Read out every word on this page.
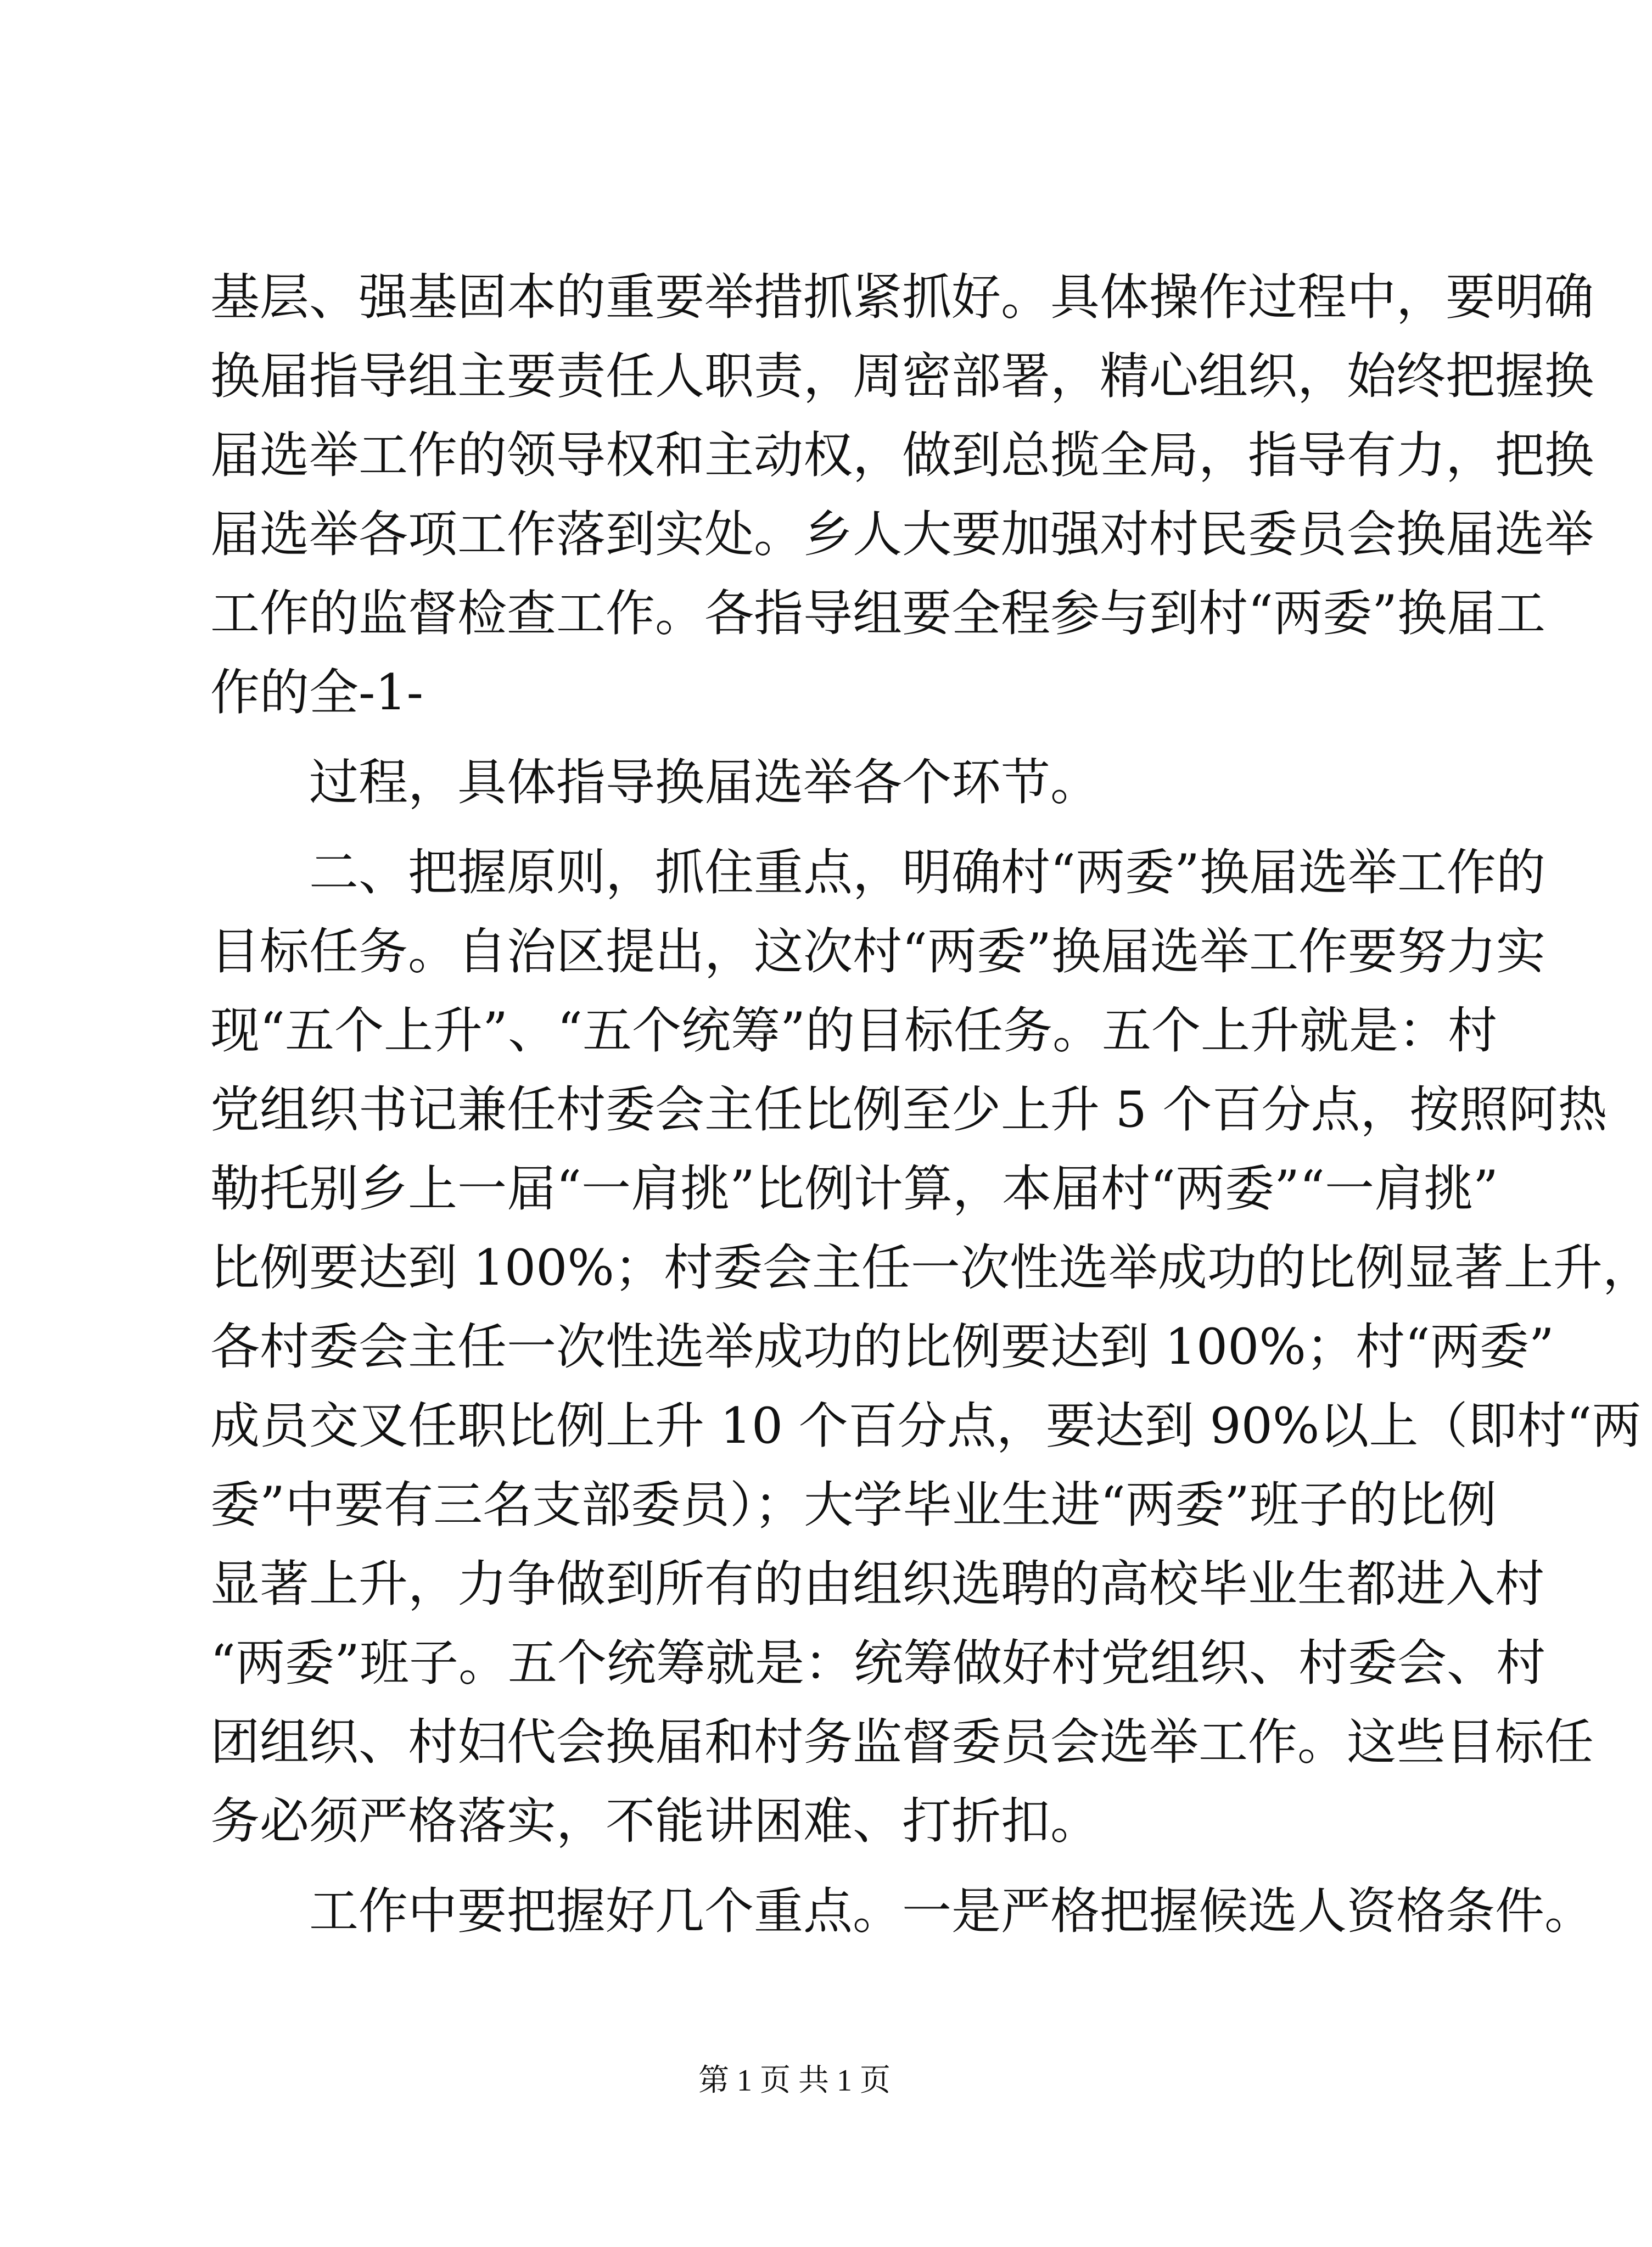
基层、强基固本的重要举措抓紧抓好。具体操作过程中，要明确
换届指导组主要责任人职责，周密部署，精心组织，始终把握换
届选举工作的领导权和主动权，做到总揽全局，指导有力，把换
届选举各项工作落到实处。乡人大要加强对村民委员会换届选举
工作的监督检查工作。各指导组要全程参与到村“两委”换届工
作的全-1-
过程，具体指导换届选举各个环节。
二、把握原则，抓住重点，明确村“两委”换届选举工作的
目标任务。自治区提出，这次村“两委”换届选举工作要努力实
现“五个上升”、“五个统筹”的目标任务。五个上升就是：村
党组织书记兼任村委会主任比例至少上升 5 个百分点，按照阿热
勒托别乡上一届“一肩挑”比例计算，本届村“两委”“一肩挑”
比例要达到 100%；村委会主任一次性选举成功的比例显著上升，
各村委会主任一次性选举成功的比例要达到 100%；村“两委”
成员交叉任职比例上升 10 个百分点，要达到 90%以上（即村“两
委”中要有三名支部委员）；大学毕业生进“两委”班子的比例
显著上升，力争做到所有的由组织选聘的高校毕业生都进入村
“两委”班子。五个统筹就是：统筹做好村党组织、村委会、村
团组织、村妇代会换届和村务监督委员会选举工作。这些目标任
务必须严格落实，不能讲困难、打折扣。
工作中要把握好几个重点。一是严格把握候选人资格条件。
第 1 页 共 1 页
